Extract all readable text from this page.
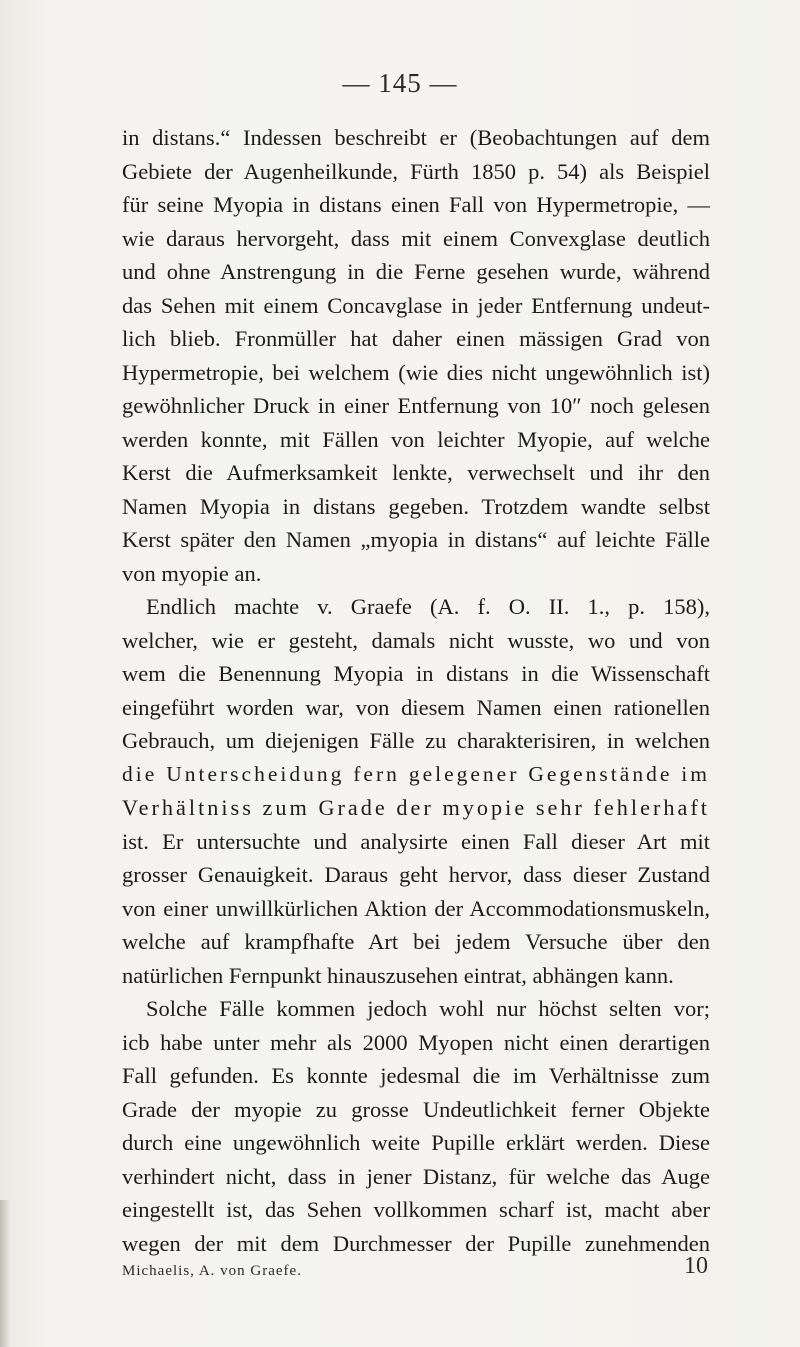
— 145 —
in distans.“ Indessen beschreibt er (Beobachtungen auf dem
Gebiete der Augenheilkunde, Fürth 1850 p. 54) als Beispiel
für seine Myopia in distans einen Fall von Hypermetropie, —
wie daraus hervorgeht, dass mit einem Convexglase deutlich
und ohne Anstrengung in die Ferne gesehen wurde, während
das Sehen mit einem Concavglase in jeder Entfernung undeut-
lich blieb. Fronmüller hat daher einen mässigen Grad von
Hypermetropie, bei welchem (wie dies nicht ungewöhnlich ist)
gewöhnlicher Druck in einer Entfernung von 10″ noch gelesen
werden konnte, mit Fällen von leichter Myopie, auf welche
Kerst die Aufmerksamkeit lenkte, verwechselt und ihr den
Namen Myopia in distans gegeben. Trotzdem wandte selbst
Kerst später den Namen „myopia in distans“ auf leichte Fälle
von myopie an.
Endlich machte v. Graefe (A. f. O. II. 1., p. 158),
welcher, wie er gesteht, damals nicht wusste, wo und von
wem die Benennung Myopia in distans in die Wissenschaft
eingeführt worden war, von diesem Namen einen rationellen
Gebrauch, um diejenigen Fälle zu charakterisiren, in welchen
die Unterscheidung fern gelegener Gegenstände im
Verhältniss zum Grade der myopie sehr fehlerhaft
ist. Er untersuchte und analysirte einen Fall dieser Art mit
grosser Genauigkeit. Daraus geht hervor, dass dieser Zustand
von einer unwillkürlichen Aktion der Accommodationsmuskeln,
welche auf krampfhafte Art bei jedem Versuche über den
natürlichen Fernpunkt hinauszusehen eintrat, abhängen kann.
Solche Fälle kommen jedoch wohl nur höchst selten vor;
icb habe unter mehr als 2000 Myopen nicht einen derartigen
Fall gefunden. Es konnte jedesmal die im Verhältnisse zum
Grade der myopie zu grosse Undeutlichkeit ferner Objekte
durch eine ungewöhnlich weite Pupille erklärt werden. Diese
verhindert nicht, dass in jener Distanz, für welche das Auge
eingestellt ist, das Sehen vollkommen scharf ist, macht aber
wegen der mit dem Durchmesser der Pupille zunehmenden
Michaelis, A. von Graefe.	10
